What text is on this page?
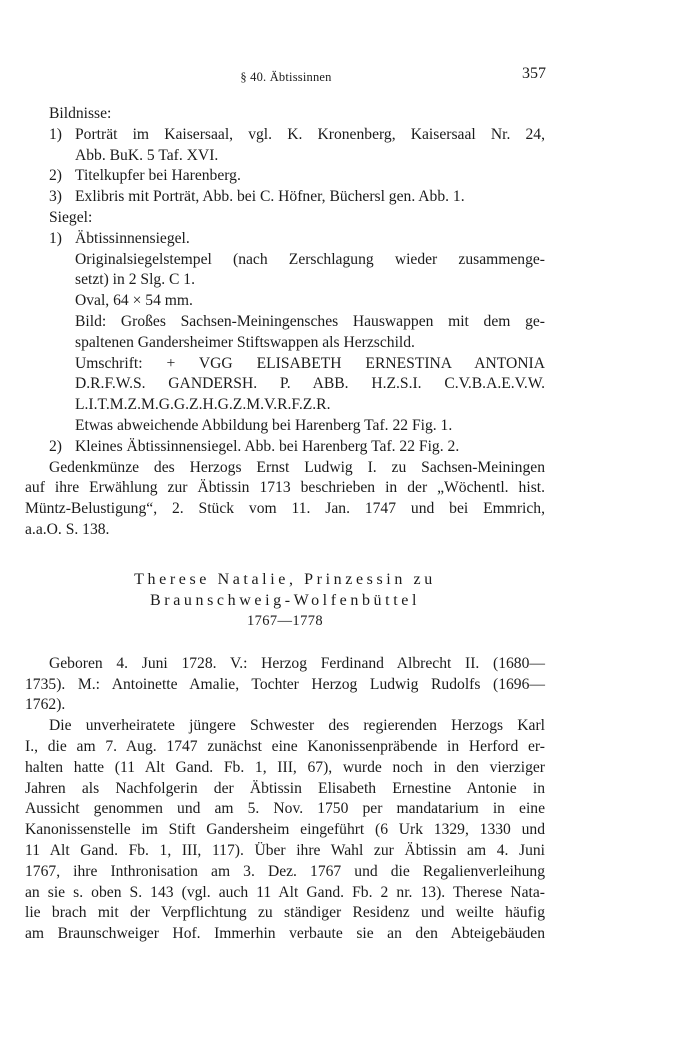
§ 40. Äbtissinnen	357
Bildnisse:
1) Porträt im Kaisersaal, vgl. K. Kronenberg, Kaisersaal Nr. 24,
Abb. BuK. 5 Taf. XVI.
2) Titelkupfer bei Harenberg.
3) Exlibris mit Porträt, Abb. bei C. Höfner, Büchersl gen. Abb. 1.
Siegel:
1) Äbtissinnensiegel.
Originalsiegelstempel (nach Zerschlagung wieder zusammenge-
setzt) in 2 Slg. C 1.
Oval, 64 × 54 mm.
Bild: Großes Sachsen-Meiningensches Hauswappen mit dem ge-
spaltenen Gandersheimer Stiftswappen als Herzschild.
Umschrift: + VGG ELISABETH ERNESTINA ANTONIA
D.R.F.W.S. GANDERSH. P. ABB. H.Z.S.I. C.V.B.A.E.V.W.
L.I.T.M.Z.M.G.G.Z.H.G.Z.M.V.R.F.Z.R.
Etwas abweichende Abbildung bei Harenberg Taf. 22 Fig. 1.
2) Kleines Äbtissinnensiegel. Abb. bei Harenberg Taf. 22 Fig. 2.
Gedenkmünze des Herzogs Ernst Ludwig I. zu Sachsen-Meiningen
auf ihre Erwählung zur Äbtissin 1713 beschrieben in der „Wöchentl. hist.
Müntz-Belustigung“, 2. Stück vom 11. Jan. 1747 und bei Emmrich,
a.a.O. S. 138.
Therese Natalie, Prinzessin zu
Braunschweig-Wolfenbüttel
1767—1778
Geboren 4. Juni 1728. V.: Herzog Ferdinand Albrecht II. (1680—
1735). M.: Antoinette Amalie, Tochter Herzog Ludwig Rudolfs (1696—
1762).
Die unverheiratete jüngere Schwester des regierenden Herzogs Karl
I., die am 7. Aug. 1747 zunächst eine Kanonissenpräbende in Herford er-
halten hatte (11 Alt Gand. Fb. 1, III, 67), wurde noch in den vierziger
Jahren als Nachfolgerin der Äbtissin Elisabeth Ernestine Antonie in
Aussicht genommen und am 5. Nov. 1750 per mandatarium in eine
Kanonissenstelle im Stift Gandersheim eingeführt (6 Urk 1329, 1330 und
11 Alt Gand. Fb. 1, III, 117). Über ihre Wahl zur Äbtissin am 4. Juni
1767, ihre Inthronisation am 3. Dez. 1767 und die Regalienverleihung
an sie s. oben S. 143 (vgl. auch 11 Alt Gand. Fb. 2 nr. 13). Therese Nata-
lie brach mit der Verpflichtung zu ständiger Residenz und weilte häufig
am Braunschweiger Hof. Immerhin verbaute sie an den Abteigebäuden
